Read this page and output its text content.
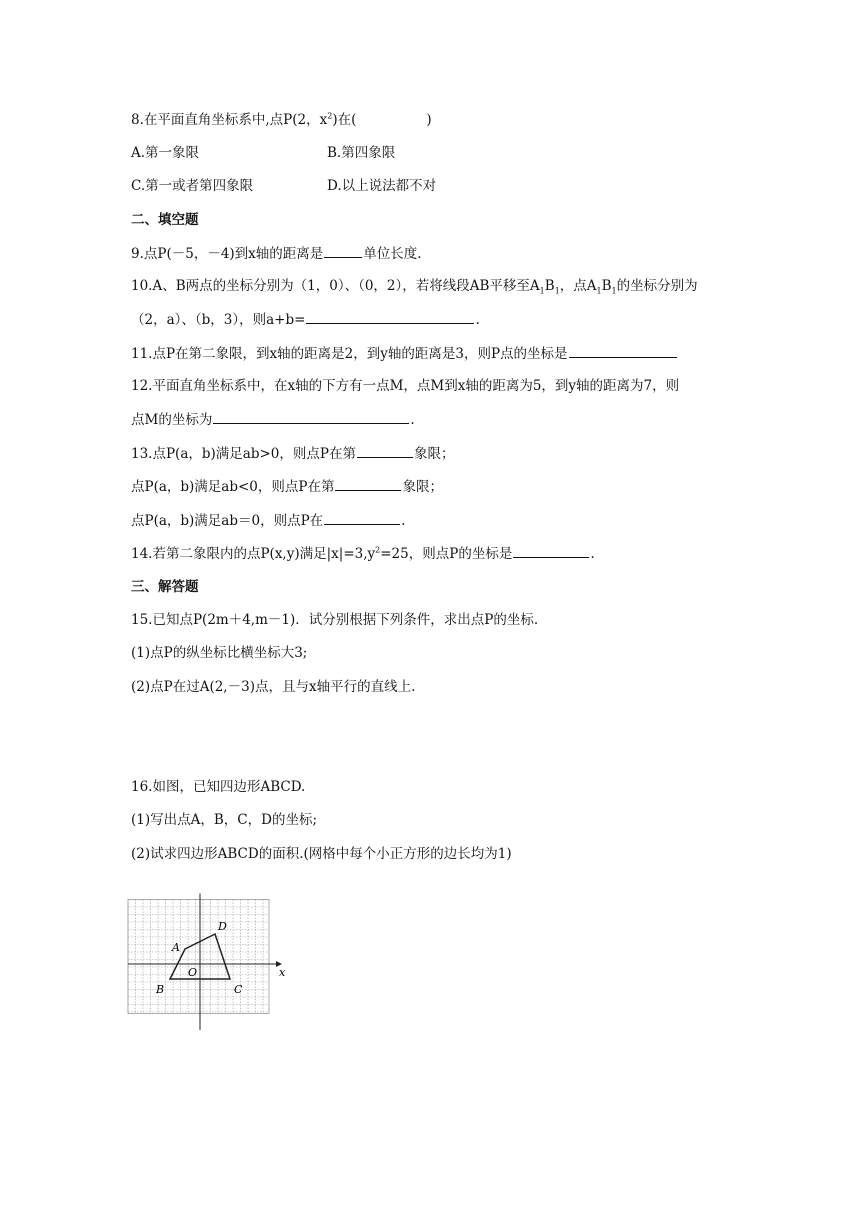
8.在平面直角坐标系中,点P(2，$x^2$)在(	)
A.第一象限	B.第四象限
C.第一或者第四象限	D.以上说法都不对
二、填空题
9.点P(－5，－4)到x轴的距离是	单位长度.
10.A、B两点的坐标分别为（1，0）、（0，2），若将线段AB平移至$A_1B_1$，点$A_1B_1$的坐标分别为
（2，a）、（b，3），则a+b=	.
11.点P在第二象限，到x轴的距离是2，到y轴的距离是3，则P点的坐标是
12.平面直角坐标系中，在x轴的下方有一点M，点M到x轴的距离为5，到y轴的距离为7，则
点M的坐标为	.
13.点P(a，b)满足ab>0，则点P在第	象限；
点P(a，b)满足ab<0，则点P在第	象限；
点P(a，b)满足ab＝0，则点P在	.
14.若第二象限内的点P(x,y)满足$|x|=3,y^2=25$，则点P的坐标是	.
三、解答题
15.已知点P(2m＋4,m－1)．试分别根据下列条件，求出点P的坐标.
(1)点P的纵坐标比横坐标大3;
(2)点P在过A(2,－3)点，且与x轴平行的直线上.
16.如图，已知四边形ABCD.
(1)写出点A，B，C，D的坐标;
(2)试求四边形ABCD的面积.(网格中每个小正方形的边长均为1)
A
B	C
D
O	x
